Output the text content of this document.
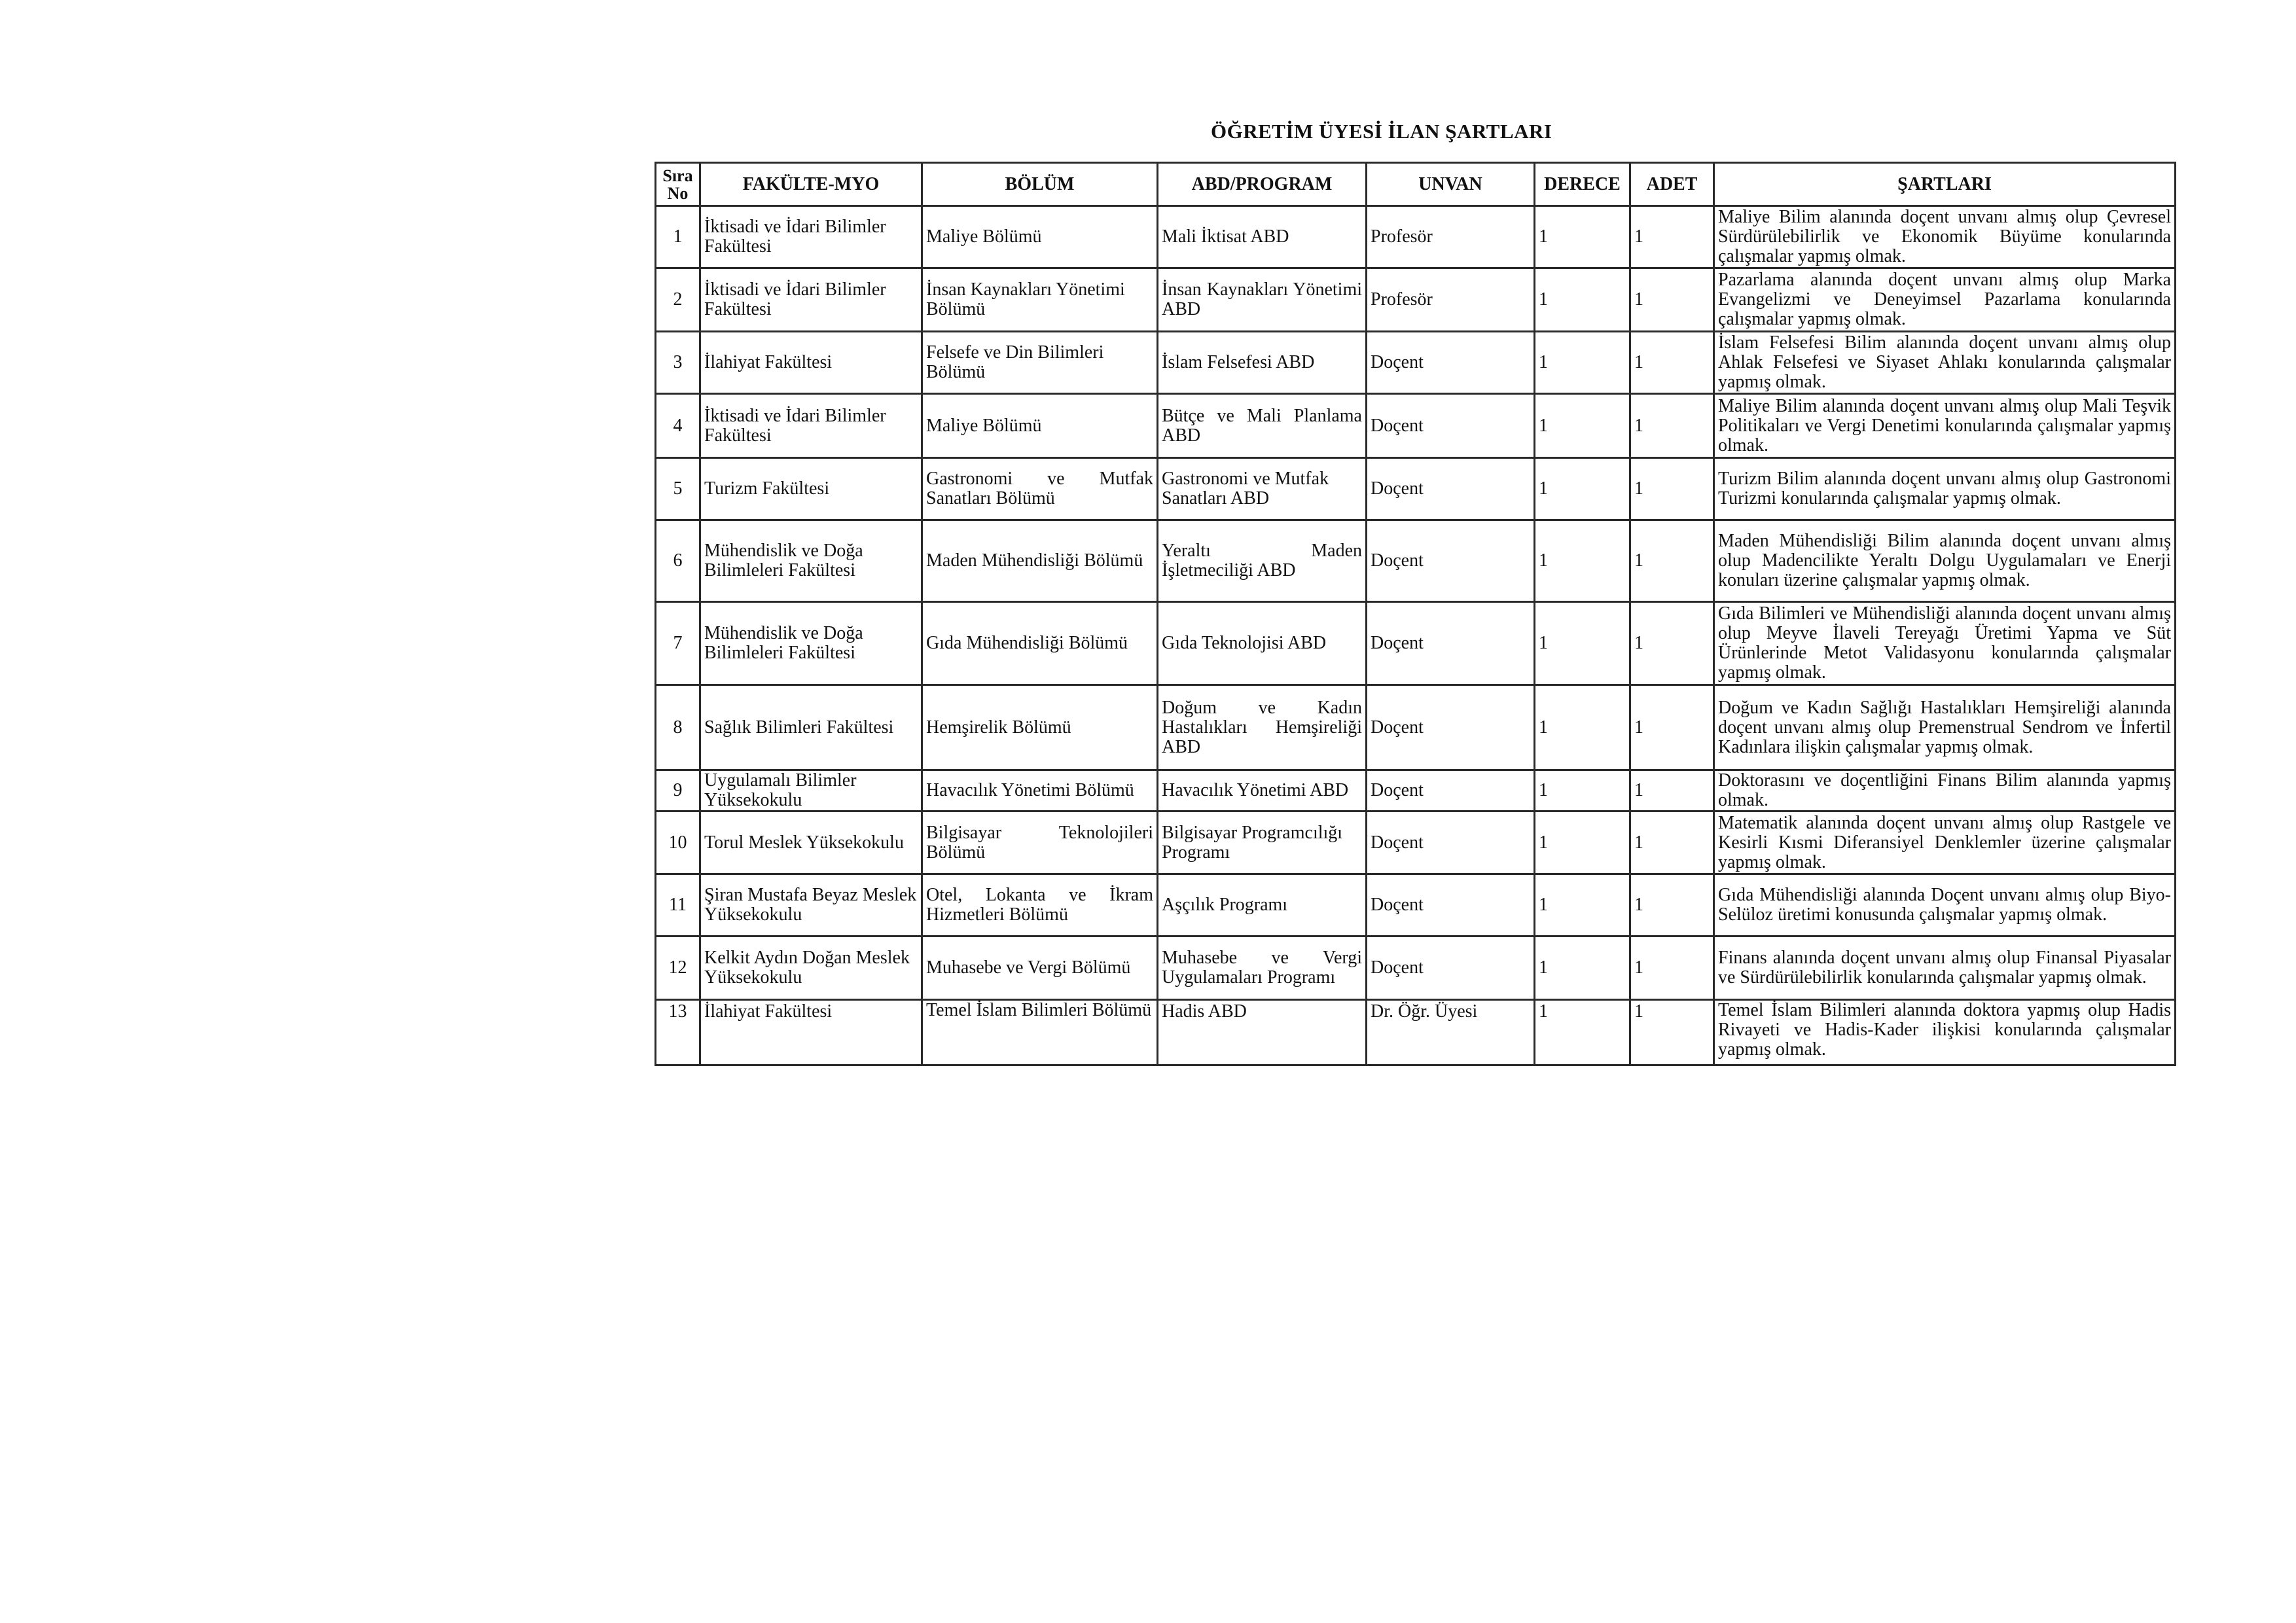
ÖĞRETİM ÜYESİ İLAN ŞARTLARI
Sıra No	FAKÜLTE-MYO	BÖLÜM	ABD/PROGRAM	UNVAN	DERECE	ADET	ŞARTLARI
1	İktisadi ve İdari Bilimler Fakültesi	Maliye Bölümü	Mali İktisat ABD	Profesör	1	1	Maliye Bilim alanında doçent unvanı almış olup Çevresel Sürdürülebilirlik ve Ekonomik Büyüme konularında çalışmalar yapmış olmak.
2	İktisadi ve İdari Bilimler Fakültesi	İnsan Kaynakları Yönetimi Bölümü	İnsan Kaynakları Yönetimi ABD	Profesör	1	1	Pazarlama alanında doçent unvanı almış olup Marka Evangelizmi ve Deneyimsel Pazarlama konularında çalışmalar yapmış olmak.
3	İlahiyat Fakültesi	Felsefe ve Din Bilimleri Bölümü	İslam Felsefesi ABD	Doçent	1	1	İslam Felsefesi Bilim alanında doçent unvanı almış olup Ahlak Felsefesi ve Siyaset Ahlakı konularında çalışmalar yapmış olmak.
4	İktisadi ve İdari Bilimler Fakültesi	Maliye Bölümü	Bütçe ve Mali Planlama ABD	Doçent	1	1	Maliye Bilim alanında doçent unvanı almış olup Mali Teşvik Politikaları ve Vergi Denetimi konularında çalışmalar yapmış olmak.
5	Turizm Fakültesi	Gastronomi ve Mutfak Sanatları Bölümü	Gastronomi ve Mutfak Sanatları ABD	Doçent	1	1	Turizm Bilim alanında doçent unvanı almış olup Gastronomi Turizmi konularında çalışmalar yapmış olmak.
6	Mühendislik ve Doğa Bilimleleri Fakültesi	Maden Mühendisliği Bölümü	Yeraltı Maden İşletmeciliği ABD	Doçent	1	1	Maden Mühendisliği Bilim alanında doçent unvanı almış olup Madencilikte Yeraltı Dolgu Uygulamaları ve Enerji konuları üzerine çalışmalar yapmış olmak.
7	Mühendislik ve Doğa Bilimleleri Fakültesi	Gıda Mühendisliği Bölümü	Gıda Teknolojisi ABD	Doçent	1	1	Gıda Bilimleri ve Mühendisliği alanında doçent unvanı almış olup Meyve İlaveli Tereyağı Üretimi Yapma ve Süt Ürünlerinde Metot Validasyonu konularında çalışmalar yapmış olmak.
8	Sağlık Bilimleri Fakültesi	Hemşirelik Bölümü	Doğum ve Kadın Hastalıkları Hemşireliği ABD	Doçent	1	1	Doğum ve Kadın Sağlığı Hastalıkları Hemşireliği alanında doçent unvanı almış olup Premenstrual Sendrom ve İnfertil Kadınlara ilişkin çalışmalar yapmış olmak.
9	Uygulamalı Bilimler Yüksekokulu	Havacılık Yönetimi Bölümü	Havacılık Yönetimi ABD	Doçent	1	1	Doktorasını ve doçentliğini Finans Bilim alanında yapmış olmak.
10	Torul Meslek Yüksekokulu	Bilgisayar Teknolojileri Bölümü	Bilgisayar Programcılığı Programı	Doçent	1	1	Matematik alanında doçent unvanı almış olup Rastgele ve Kesirli Kısmi Diferansiyel Denklemler üzerine çalışmalar yapmış olmak.
11	Şiran Mustafa Beyaz Meslek Yüksekokulu	Otel, Lokanta ve İkram Hizmetleri Bölümü	Aşçılık Programı	Doçent	1	1	Gıda Mühendisliği alanında Doçent unvanı almış olup Biyo-Selüloz üretimi konusunda çalışmalar yapmış olmak.
12	Kelkit Aydın Doğan Meslek Yüksekokulu	Muhasebe ve Vergi Bölümü	Muhasebe ve Vergi Uygulamaları Programı	Doçent	1	1	Finans alanında doçent unvanı almış olup Finansal Piyasalar ve Sürdürülebilirlik konularında çalışmalar yapmış olmak.
13	İlahiyat Fakültesi	Temel İslam Bilimleri Bölümü	Hadis ABD	Dr. Öğr. Üyesi	1	1	Temel İslam Bilimleri alanında doktora yapmış olup Hadis Rivayeti ve Hadis-Kader ilişkisi konularında çalışmalar yapmış olmak.
